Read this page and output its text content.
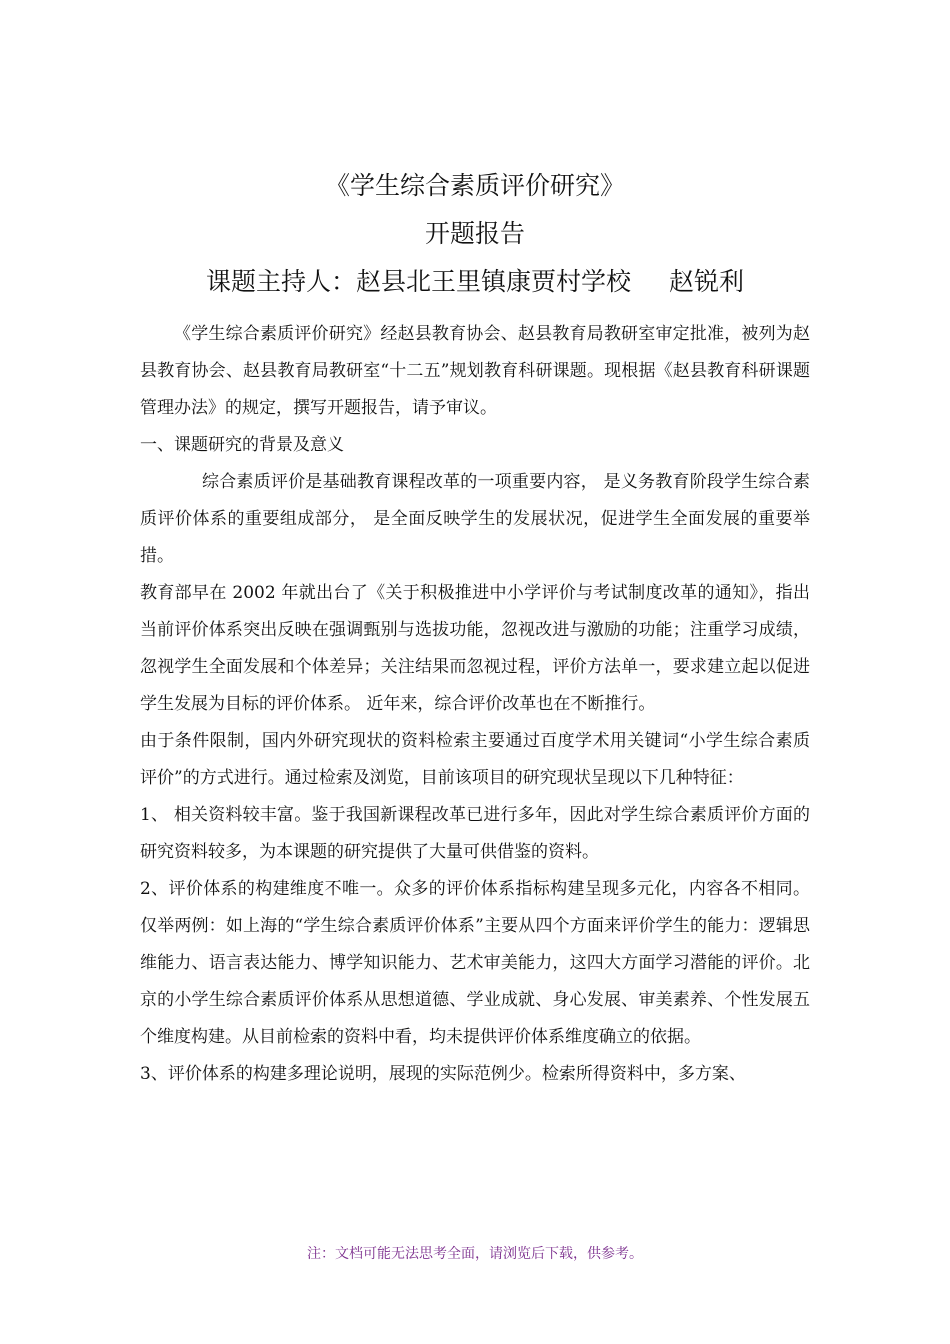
《学生综合素质评价研究》
开题报告
课题主持人：赵县北王里镇康贾村学校 赵锐利

《学生综合素质评价研究》经赵县教育协会、赵县教育局教研室审定批准，被列为赵县教育协会、赵县教育局教研室“十二五”规划教育科研课题。现根据《赵县教育科研课题管理办法》的规定，撰写开题报告，请予审议。

一、课题研究的背景及意义

综合素质评价是基础教育课程改革的一项重要内容， 是义务教育阶段学生综合素质评价体系的重要组成部分， 是全面反映学生的发展状况，促进学生全面发展的重要举措。

教育部早在 2002 年就出台了《关于积极推进中小学评价与考试制度改革的通知》，指出当前评价体系突出反映在强调甄别与选拔功能，忽视改进与激励的功能；注重学习成绩，忽视学生全面发展和个体差异；关注结果而忽视过程，评价方法单一，要求建立起以促进学生发展为目标的评价体系。 近年来，综合评价改革也在不断推行。

由于条件限制，国内外研究现状的资料检索主要通过百度学术用关键词“小学生综合素质评价”的方式进行。通过检索及浏览，目前该项目的研究现状呈现以下几种特征：

1、 相关资料较丰富。鉴于我国新课程改革已进行多年，因此对学生综合素质评价方面的研究资料较多，为本课题的研究提供了大量可供借鉴的资料。

2、评价体系的构建维度不唯一。众多的评价体系指标构建呈现多元化，内容各不相同。仅举两例：如上海的“学生综合素质评价体系”主要从四个方面来评价学生的能力：逻辑思维能力、语言表达能力、博学知识能力、艺术审美能力，这四大方面学习潜能的评价。北京的小学生综合素质评价体系从思想道德、学业成就、身心发展、审美素养、个性发展五个维度构建。从目前检索的资料中看，均未提供评价体系维度确立的依据。

3、评价体系的构建多理论说明，展现的实际范例少。检索所得资料中，多方案、

注：文档可能无法思考全面，请浏览后下载，供参考。
